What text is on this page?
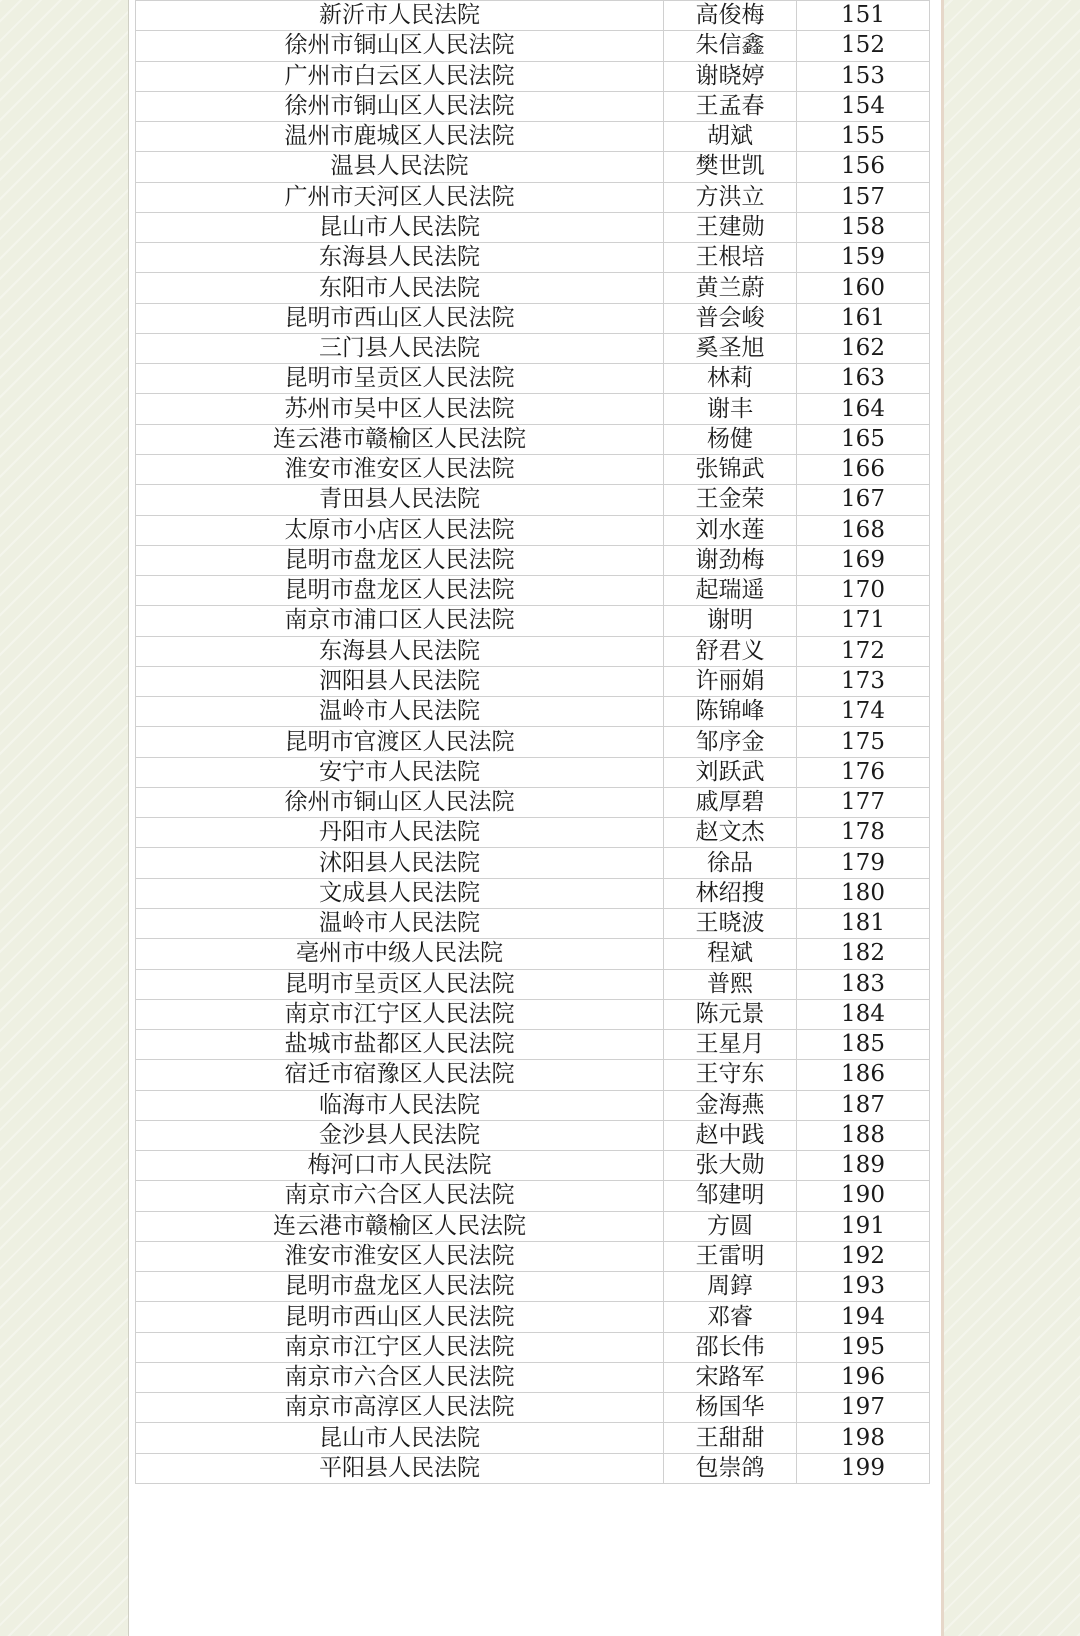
新沂市人民法院	高俊梅	151
徐州市铜山区人民法院	朱信鑫	152
广州市白云区人民法院	谢晓婷	153
徐州市铜山区人民法院	王孟春	154
温州市鹿城区人民法院	胡斌	155
温县人民法院	樊世凯	156
广州市天河区人民法院	方洪立	157
昆山市人民法院	王建勋	158
东海县人民法院	王根培	159
东阳市人民法院	黄兰蔚	160
昆明市西山区人民法院	普会峻	161
三门县人民法院	奚圣旭	162
昆明市呈贡区人民法院	林莉	163
苏州市吴中区人民法院	谢丰	164
连云港市赣榆区人民法院	杨健	165
淮安市淮安区人民法院	张锦武	166
青田县人民法院	王金荣	167
太原市小店区人民法院	刘水莲	168
昆明市盘龙区人民法院	谢劲梅	169
昆明市盘龙区人民法院	起瑞遥	170
南京市浦口区人民法院	谢明	171
东海县人民法院	舒君义	172
泗阳县人民法院	许丽娟	173
温岭市人民法院	陈锦峰	174
昆明市官渡区人民法院	邹序金	175
安宁市人民法院	刘跃武	176
徐州市铜山区人民法院	戚厚碧	177
丹阳市人民法院	赵文杰	178
沭阳县人民法院	徐品	179
文成县人民法院	林绍搜	180
温岭市人民法院	王晓波	181
亳州市中级人民法院	程斌	182
昆明市呈贡区人民法院	普熙	183
南京市江宁区人民法院	陈元景	184
盐城市盐都区人民法院	王星月	185
宿迁市宿豫区人民法院	王守东	186
临海市人民法院	金海燕	187
金沙县人民法院	赵中践	188
梅河口市人民法院	张大勋	189
南京市六合区人民法院	邹建明	190
连云港市赣榆区人民法院	方圆	191
淮安市淮安区人民法院	王雷明	192
昆明市盘龙区人民法院	周錞	193
昆明市西山区人民法院	邓睿	194
南京市江宁区人民法院	邵长伟	195
南京市六合区人民法院	宋路军	196
南京市高淳区人民法院	杨国华	197
昆山市人民法院	王甜甜	198
平阳县人民法院	包崇鸽	199
